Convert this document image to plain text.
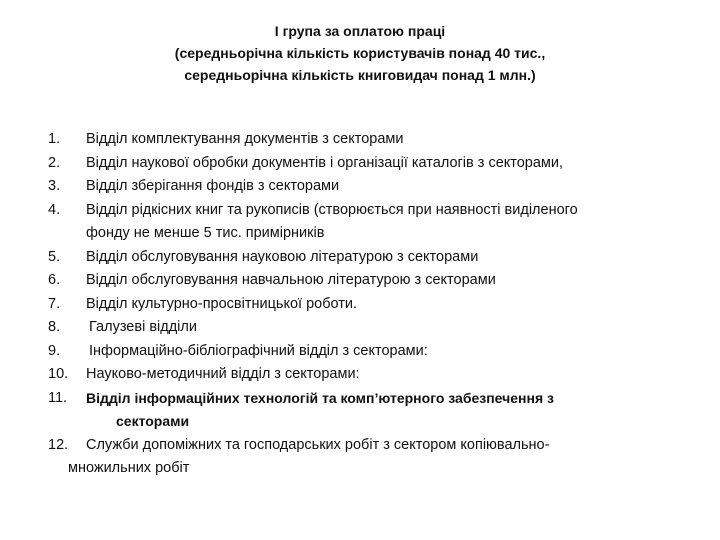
І група за оплатою праці
(середньорічна кількість користувачів понад 40 тис.,
середньорічна кількість книговидач понад 1 млн.)
1.	Відділ комплектування документів з секторами
2.	Відділ наукової обробки документів і організації каталогів з секторами,
3.	Відділ зберігання фондів з секторами
4.	Відділ рідкісних книг та рукописів (створюється при наявності виділеного
фонду не менше 5 тис. примірників
5.	Відділ обслуговування науковою літературою з секторами
6.	Відділ обслуговування навчальною літературою з секторами
7.	Відділ культурно-просвітницької роботи.
8.	Галузеві відділи
9.	Інформаційно-бібліографічний відділ з секторами:
10.	Науково-методичний відділ з секторами:
11.	Відділ інформаційних технологій та комп’ютерного забезпечення з
секторами
12. Служби допоміжних та господарських робіт з сектором копіювально-
множильних робіт
